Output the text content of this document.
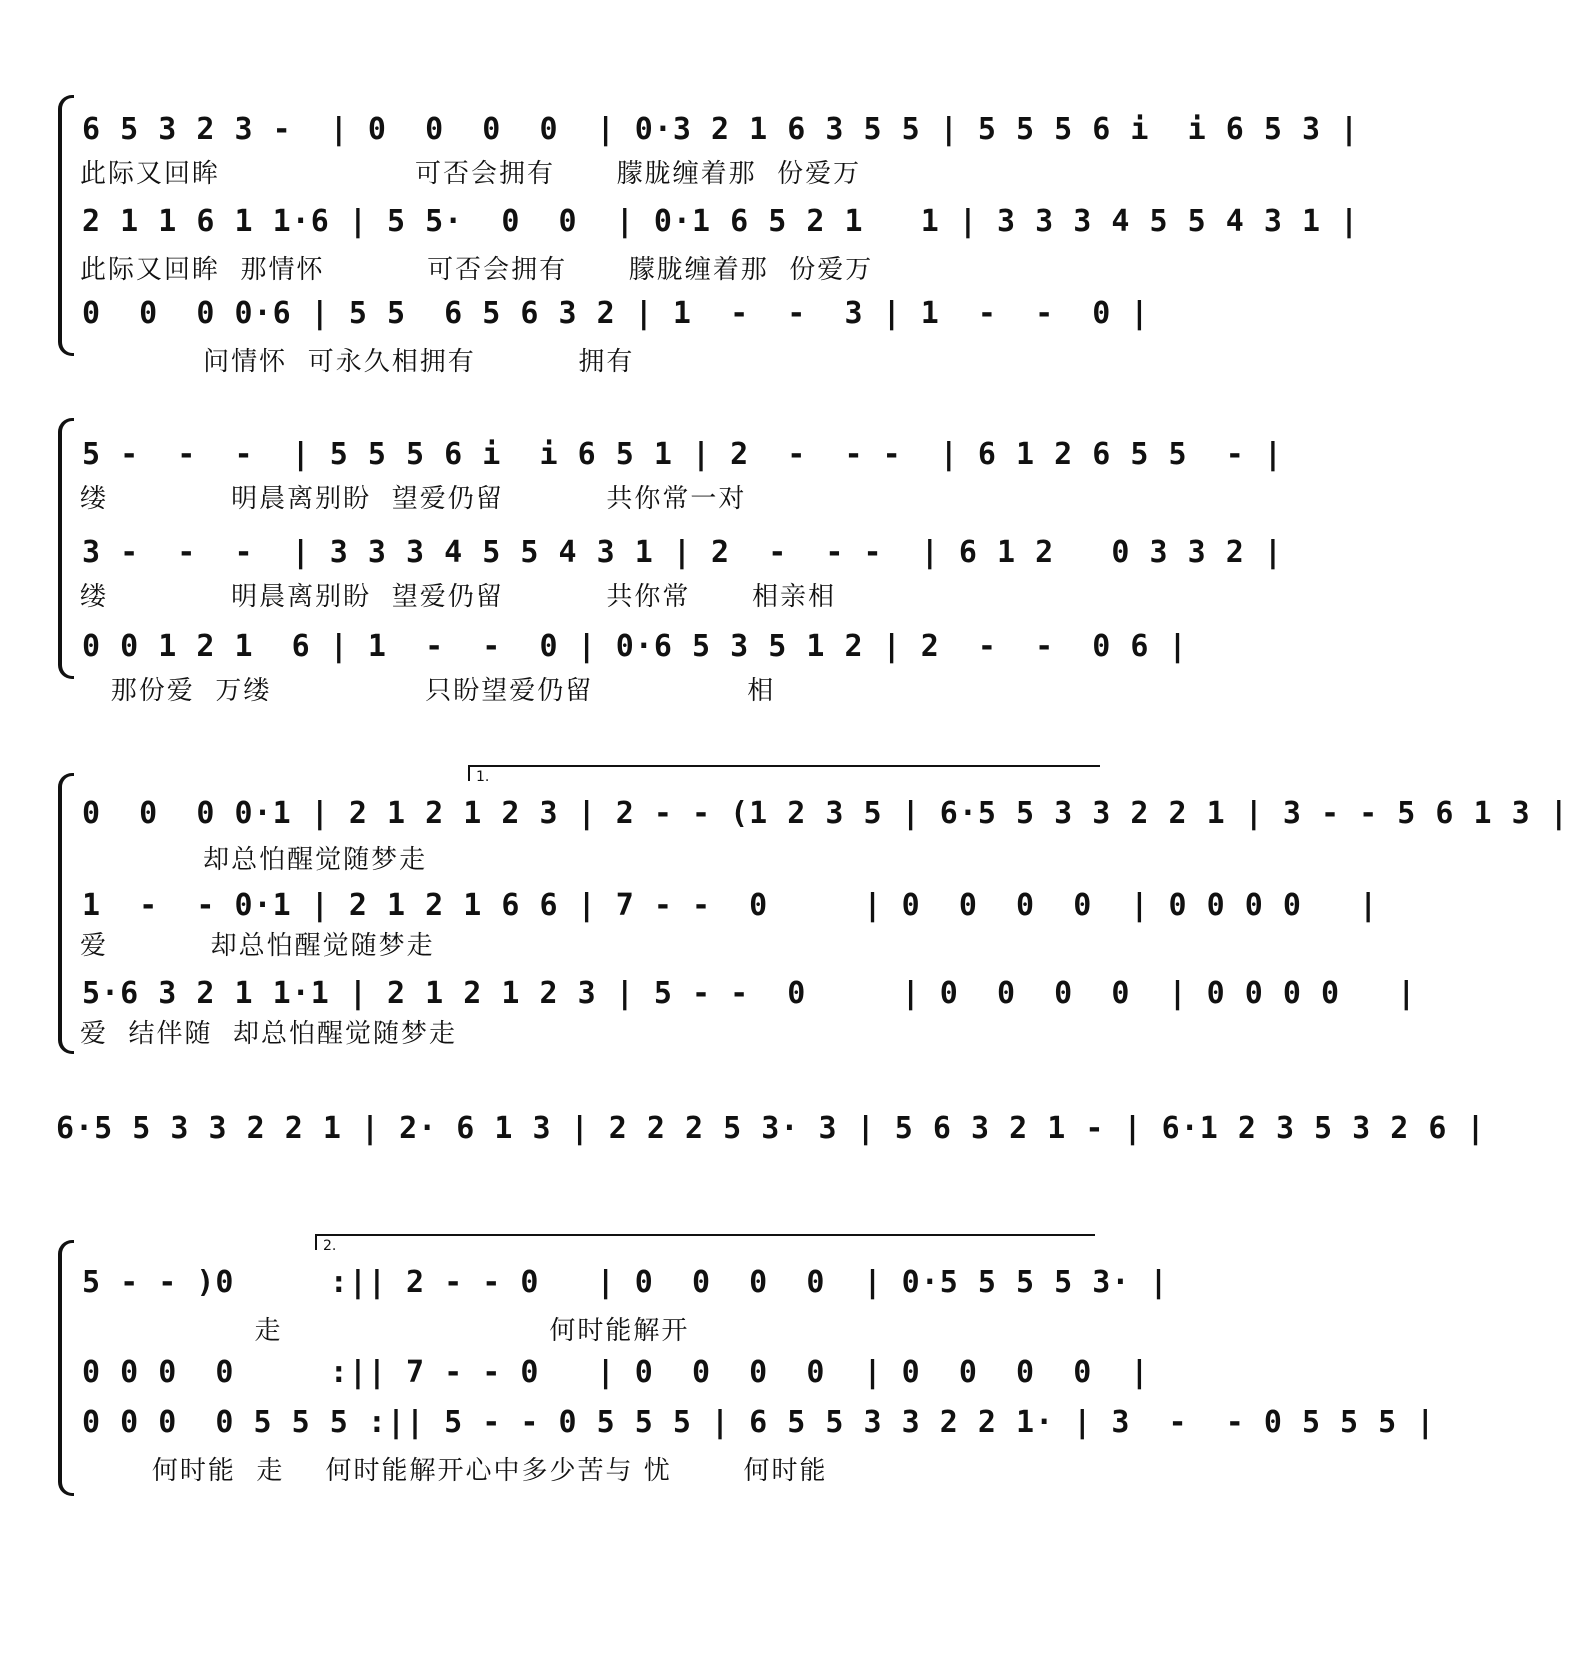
6 5 3 2 3 -  | 0  0  0  0  | 0·3 2 1 6 3 5 5 | 5 5 5 6 i  i 6 5 3 |
此际又回眸                   可否会拥有      朦胧缠着那  份爱万
2 1 1 6 1 1·6 | 5 5·  0  0  | 0·1 6 5 2 1   1 | 3 3 3 4 5 5 4 3 1 |
此际又回眸  那情怀          可否会拥有      朦胧缠着那  份爱万
0  0  0 0·6 | 5 5  6 5 6 3 2 | 1  -  -  3 | 1  -  -  0 |
问情怀  可永久相拥有          拥有
5 -  -  -  | 5 5 5 6 i  i 6 5 1 | 2  -  - -  | 6 1 2 6 5 5  - |
缕            明晨离别盼  望爱仍留          共你常一对
3 -  -  -  | 3 3 3 4 5 5 4 3 1 | 2  -  - -  | 6 1 2   0 3 3 2 |
缕            明晨离别盼  望爱仍留          共你常      相亲相
0 0 1 2 1  6 | 1  -  -  0 | 0·6 5 3 5 1 2 | 2  -  -  0 6 |
那份爱  万缕               只盼望爱仍留               相
1.
0  0  0 0·1 | 2 1 2 1 2 3 | 2 - - (1 2 3 5 | 6·5 5 3 3 2 2 1 | 3 - - 5 6 1 3 |
却总怕醒觉随梦走
1  -  - 0·1 | 2 1 2 1 6 6 | 7 - -  0     | 0  0  0  0  | 0 0 0 0   |
爱          却总怕醒觉随梦走
5·6 3 2 1 1·1 | 2 1 2 1 2 3 | 5 - -  0     | 0  0  0  0  | 0 0 0 0   |
爱  结伴随  却总怕醒觉随梦走
6·5 5 3 3 2 2 1 | 2· 6 1 3 | 2 2 2 5 3· 3 | 5 6 3 2 1 - | 6·1 2 3 5 3 2 6 |
2.
5 - - )0     :|| 2 - - 0   | 0  0  0  0  | 0·5 5 5 5 3· |
走                          何时能解开
0 0 0  0     :|| 7 - - 0   | 0  0  0  0  | 0  0  0  0  |
0 0 0  0 5 5 5 :|| 5 - - 0 5 5 5 | 6 5 5 3 3 2 2 1· | 3  -  - 0 5 5 5 |
何时能  走    何时能解开心中多少苦与 忧       何时能
